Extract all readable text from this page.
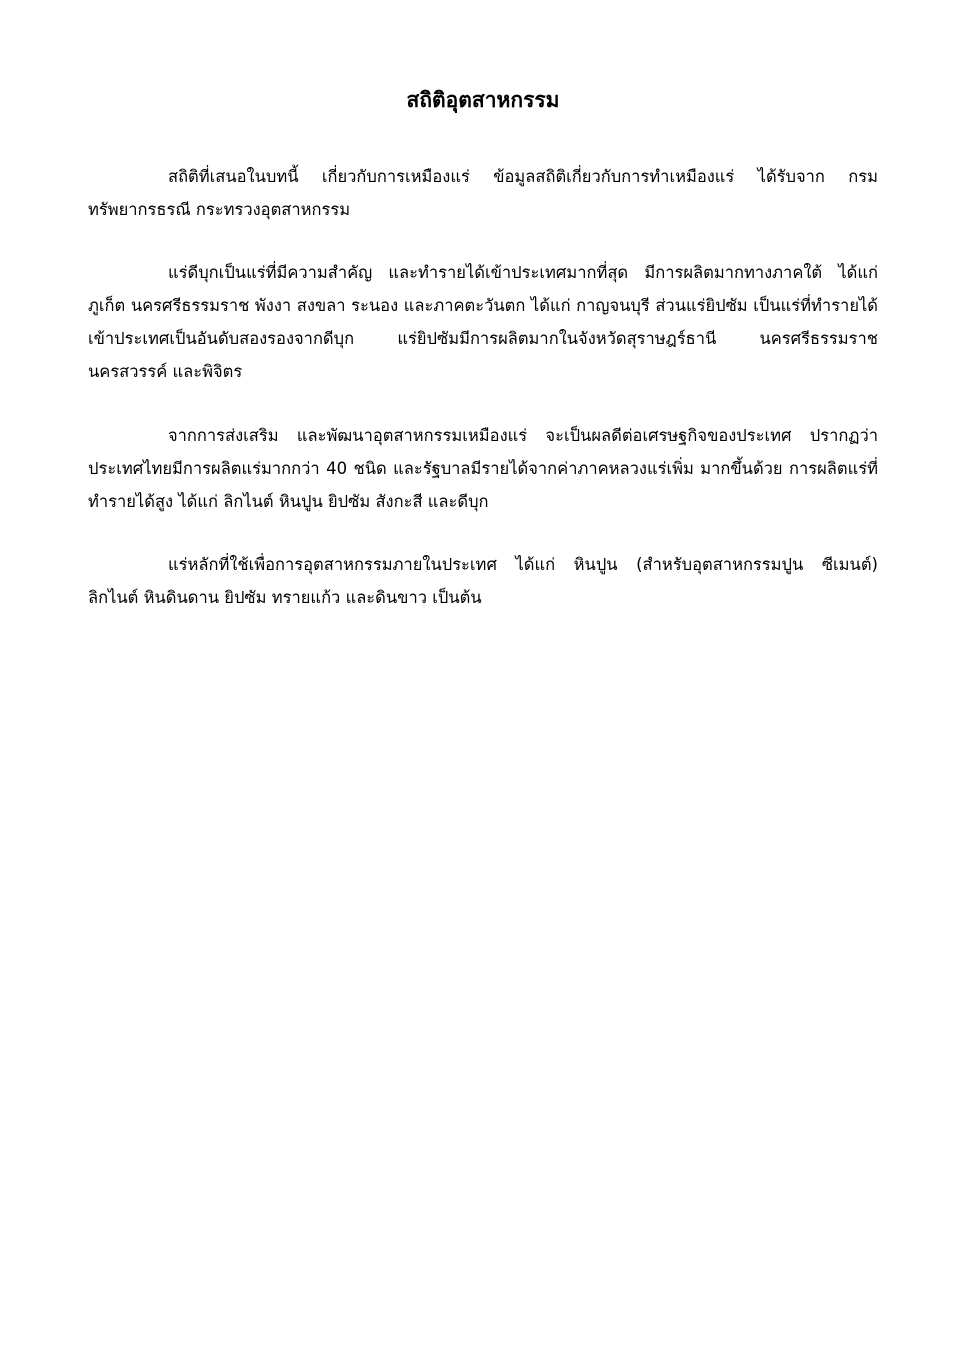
สถิติอุตสาหกรรม

สถิติที่เสนอในบทนี้ เกี่ยวกับการเหมืองแร่ ข้อมูลสถิติเกี่ยวกับการทำเหมืองแร่ ได้รับจาก กรมทรัพยากรธรณี กระทรวงอุตสาหกรรม

แร่ดีบุกเป็นแร่ที่มีความสำคัญ และทำรายได้เข้าประเทศมากที่สุด มีการผลิตมากทางภาคใต้ ได้แก่ ภูเก็ต นครศรีธรรมราช พังงา สงขลา ระนอง และภาคตะวันตก ได้แก่ กาญจนบุรี ส่วนแร่ยิปซัม เป็นแร่ที่ทำรายได้เข้าประเทศเป็นอันดับสองรองจากดีบุก แร่ยิปซัมมีการผลิตมากในจังหวัดสุราษฎร์ธานี นครศรีธรรมราช นครสวรรค์ และพิจิตร

จากการส่งเสริม และพัฒนาอุตสาหกรรมเหมืองแร่ จะเป็นผลดีต่อเศรษฐกิจของประเทศ ปรากฏว่าประเทศไทยมีการผลิตแร่มากกว่า 40 ชนิด และรัฐบาลมีรายได้จากค่าภาคหลวงแร่เพิ่ม มากขึ้นด้วย การผลิตแร่ที่ทำรายได้สูง ได้แก่ ลิกไนต์ หินปูน ยิปซัม สังกะสี และดีบุก

แร่หลักที่ใช้เพื่อการอุตสาหกรรมภายในประเทศ ได้แก่ หินปูน (สำหรับอุตสาหกรรมปูน ซีเมนต์) ลิกไนต์ หินดินดาน ยิปซัม ทรายแก้ว และดินขาว เป็นต้น
